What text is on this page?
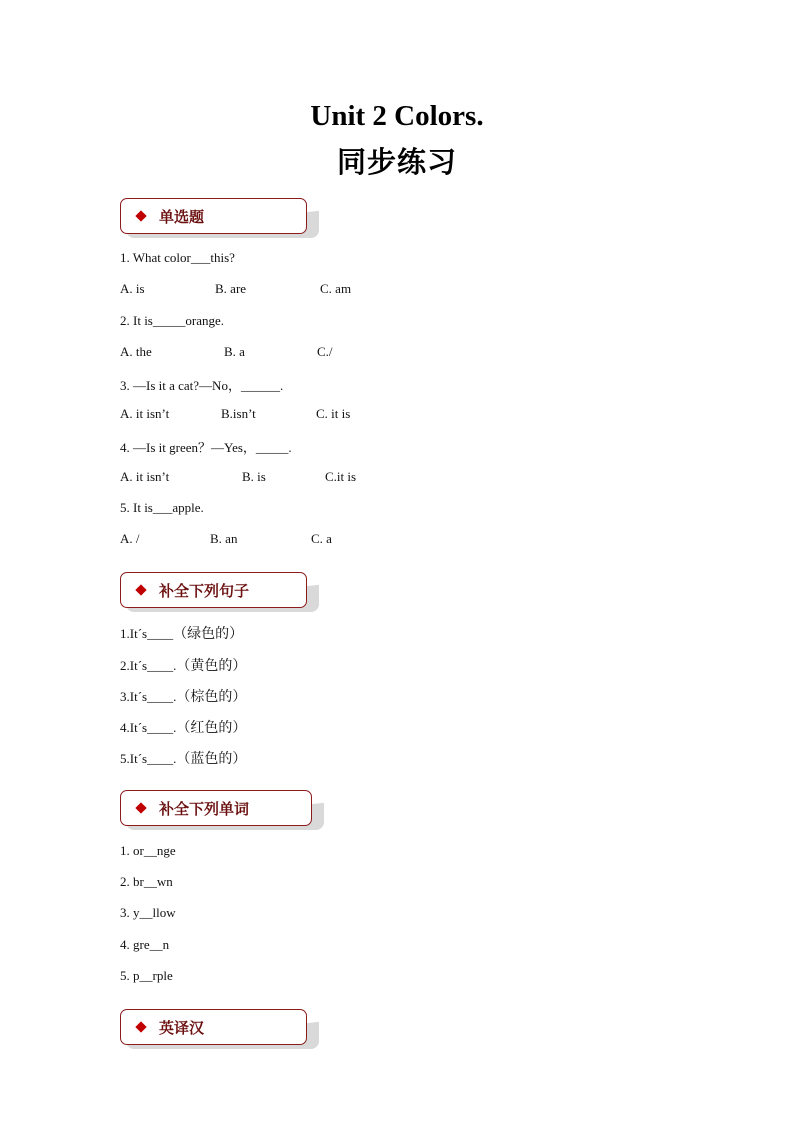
Unit 2 Colors.
同步练习
单选题
1. What color___this?
A. is	B. are	C. am
2. It is_____orange.
A. the	B. a	C./
3. —Is it a cat?—No，______.
A. it isn’t	B.isn’t	C. it is
4. —Is it green？—Yes，_____.
A. it isn’t	B. is	C.it is
5. It is___apple.
A. /	B. an	C. a
补全下列句子
1.It´s____（绿色的）
2.It´s____.（黄色的）
3.It´s____.（棕色的）
4.It´s____.（红色的）
5.It´s____.（蓝色的）
补全下列单词
1. or__nge
2. br__wn
3. y__llow
4. gre__n
5. p__rple
英译汉
